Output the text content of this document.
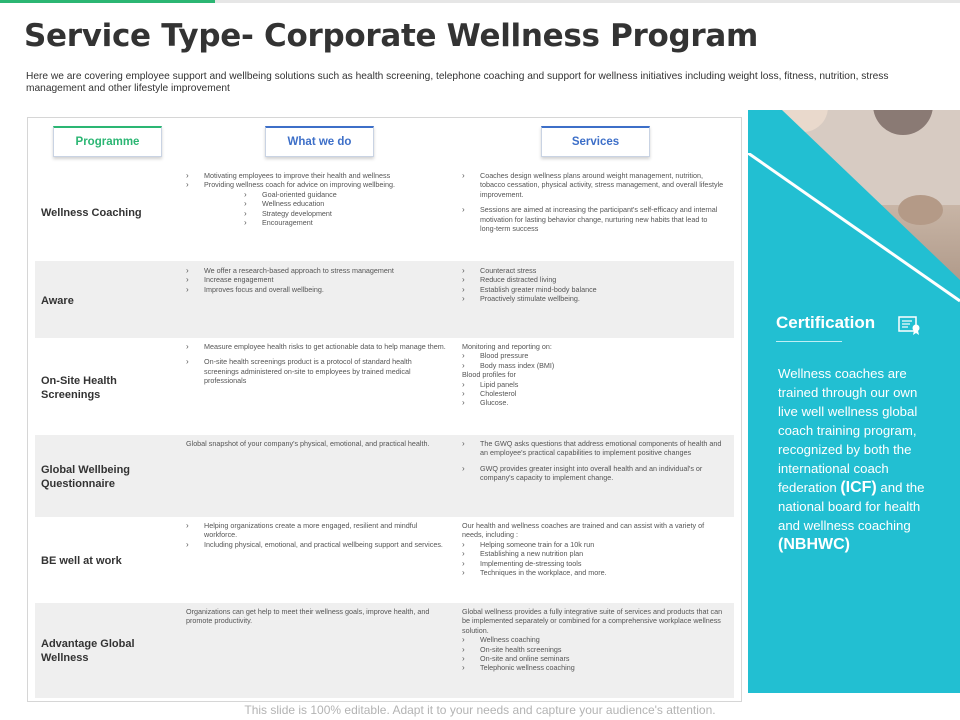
Service Type- Corporate Wellness Program

Here we are covering employee support and wellbeing solutions such as health screening, telephone coaching and support for wellness initiatives including weight loss, fitness, nutrition, stress management and other lifestyle improvement

Programme	What we do	Services
Wellness Coaching
› Motivating employees to improve their health and wellness
› Providing wellness coach for advice on improving wellbeing.
› Goal-oriented guidance
› Wellness education
› Strategy development
› Encouragement
› Coaches design wellness plans around weight management, nutrition, tobacco cessation, physical activity, stress management, and overall lifestyle improvement.
› Sessions are aimed at increasing the participant's self-efficacy and internal motivation for lasting behavior change, nurturing new habits that lead to long-term success
Aware
› We offer a research-based approach to stress management
› Increase engagement
› Improves focus and overall wellbeing.
› Counteract stress
› Reduce distracted living
› Establish greater mind-body balance
› Proactively stimulate wellbeing.
On-Site Health Screenings
› Measure employee health risks to get actionable data to help manage them.
› On-site health screenings product is a protocol of standard health screenings administered on-site to employees by trained medical professionals

Monitoring and reporting on:

› Blood pressure
› Body mass index (BMI)

Blood profiles for

› Lipid panels
› Cholesterol
› Glucose.
Global Wellbeing Questionnaire

Global snapshot of your company's physical, emotional, and practical health.

›	The GWQ asks questions that address emotional components of health and an employee's practical capabilities to implement positive changes
› GWQ provides greater insight into overall health and an individual's or company's capacity to implement change.
BE well at work
› Helping organizations create a more engaged, resilient and mindful workforce.
› Including physical, emotional, and practical wellbeing support and services.

Our health and wellness coaches are trained and can assist with a variety of needs, including :

› Helping someone train for a 10k run
› Establishing a new nutrition plan
› Implementing de-stressing tools
› Techniques in the workplace, and more.
Advantage Global Wellness

Organizations can get help to meet their wellness goals, improve health, and promote productivity.

Global wellness provides a fully integrative suite of services and products that can be implemented separately or combined for a comprehensive workplace wellness solution.

› Wellness coaching
› On-site health screenings
› On-site and online seminars
› Telephonic wellness coaching
Certification
Wellness coaches are trained through our own live well wellness global coach training program, recognized by both the international coach federation (ICF) and the national board for health and wellness coaching (NBHWC)
This slide is 100% editable. Adapt it to your needs and capture your audience's attention.
